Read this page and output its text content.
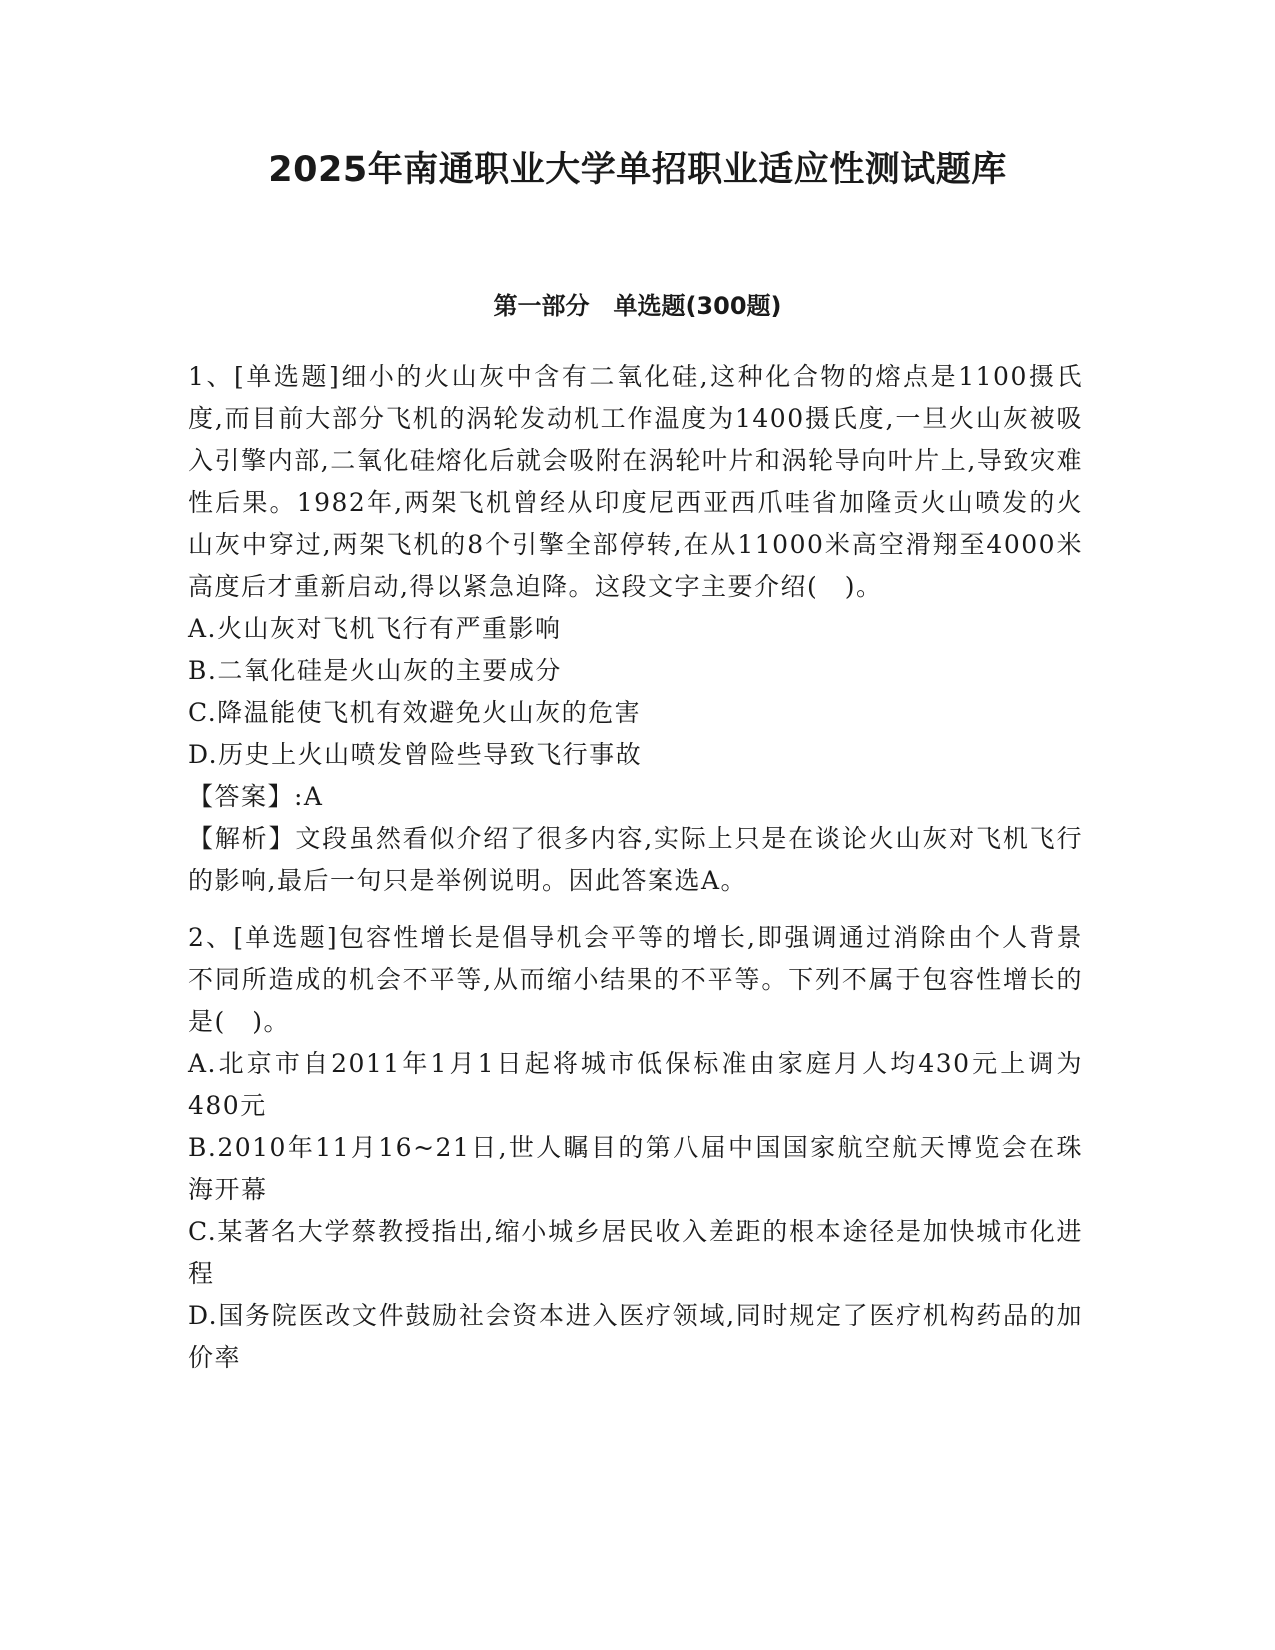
2025年南通职业大学单招职业适应性测试题库
第一部分　单选题(300题)

1、[单选题]细小的火山灰中含有二氧化硅,这种化合物的熔点是1100摄氏度,而目前大部分飞机的涡轮发动机工作温度为1400摄氏度,一旦火山灰被吸入引擎内部,二氧化硅熔化后就会吸附在涡轮叶片和涡轮导向叶片上,导致灾难性后果。1982年,两架飞机曾经从印度尼西亚西爪哇省加隆贡火山喷发的火山灰中穿过,两架飞机的8个引擎全部停转,在从11000米高空滑翔至4000米高度后才重新启动,得以紧急迫降。这段文字主要介绍(　)。

A.火山灰对飞机飞行有严重影响

B.二氧化硅是火山灰的主要成分

C.降温能使飞机有效避免火山灰的危害

D.历史上火山喷发曾险些导致飞行事故

【答案】:A

【解析】文段虽然看似介绍了很多内容,实际上只是在谈论火山灰对飞机飞行的影响,最后一句只是举例说明。因此答案选A。

2、[单选题]包容性增长是倡导机会平等的增长,即强调通过消除由个人背景不同所造成的机会不平等,从而缩小结果的不平等。下列不属于包容性增长的是(　)。

A.北京市自2011年1月1日起将城市低保标准由家庭月人均430元上调为480元

B.2010年11月16~21日,世人瞩目的第八届中国国家航空航天博览会在珠海开幕

C.某著名大学蔡教授指出,缩小城乡居民收入差距的根本途径是加快城市化进程

D.国务院医改文件鼓励社会资本进入医疗领域,同时规定了医疗机构药品的加价率
